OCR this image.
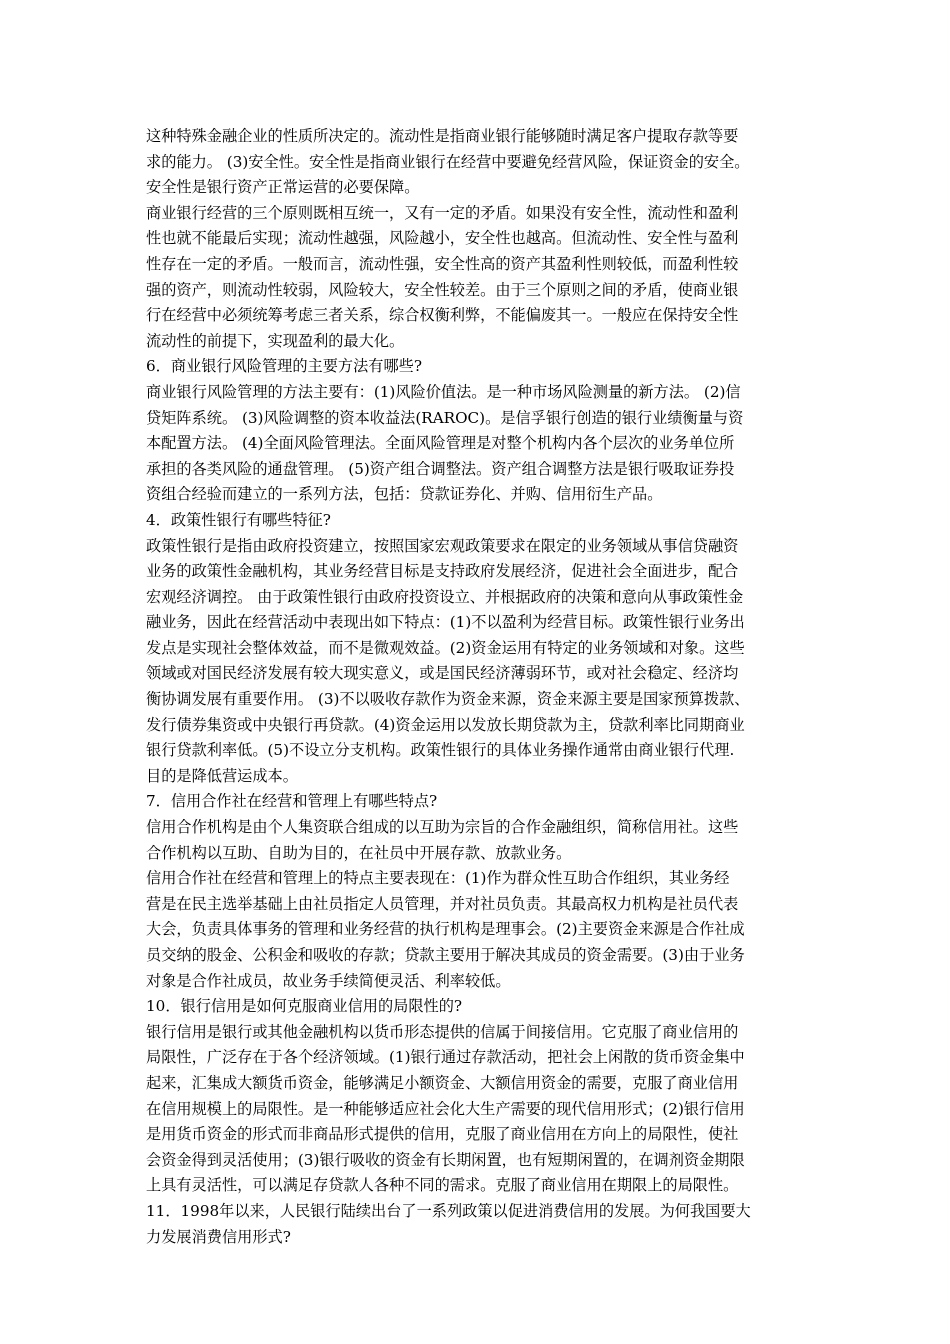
这种特殊金融企业的性质所决定的。流动性是指商业银行能够随时满足客户提取存款等要
求的能力。 (3)安全性。安全性是指商业银行在经营中要避免经营风险，保证资金的安全。
安全性是银行资产正常运营的必要保障。
商业银行经营的三个原则既相互统一，又有一定的矛盾。如果没有安全性，流动性和盈利
性也就不能最后实现；流动性越强，风险越小，安全性也越高。但流动性、安全性与盈利
性存在一定的矛盾。一般而言，流动性强，安全性高的资产其盈利性则较低，而盈利性较
强的资产，则流动性较弱，风险较大，安全性较差。由于三个原则之间的矛盾，使商业银
行在经营中必须统筹考虑三者关系，综合权衡利弊，不能偏废其一。一般应在保持安全性
流动性的前提下，实现盈利的最大化。
6．商业银行风险管理的主要方法有哪些?
商业银行风险管理的方法主要有：(1)风险价值法。是一种市场风险测量的新方法。 (2)信
贷矩阵系统。 (3)风险调整的资本收益法(RAROC)。是信孚银行创造的银行业绩衡量与资
本配置方法。 (4)全面风险管理法。全面风险管理是对整个机构内各个层次的业务单位所
承担的各类风险的通盘管理。 (5)资产组合调整法。资产组合调整方法是银行吸取证券投
资组合经验而建立的一系列方法，包括：贷款证券化、并购、信用衍生产品。
4．政策性银行有哪些特征?
政策性银行是指由政府投资建立，按照国家宏观政策要求在限定的业务领域从事信贷融资
业务的政策性金融机构，其业务经营目标是支持政府发展经济，促进社会全面进步，配合
宏观经济调控。 由于政策性银行由政府投资设立、并根据政府的决策和意向从事政策性金
融业务，因此在经营活动中表现出如下特点：(1)不以盈利为经营目标。政策性银行业务出
发点是实现社会整体效益，而不是微观效益。(2)资金运用有特定的业务领域和对象。这些
领域或对国民经济发展有较大现实意义，或是国民经济薄弱环节，或对社会稳定、经济均
衡协调发展有重要作用。 (3)不以吸收存款作为资金来源，资金来源主要是国家预算拨款、
发行债券集资或中央银行再贷款。(4)资金运用以发放长期贷款为主，贷款利率比同期商业
银行贷款利率低。(5)不设立分支机构。政策性银行的具体业务操作通常由商业银行代理.
目的是降低营运成本。
7．信用合作社在经营和管理上有哪些特点?
信用合作机构是由个人集资联合组成的以互助为宗旨的合作金融组织，简称信用社。这些
合作机构以互助、自助为目的，在社员中开展存款、放款业务。
信用合作社在经营和管理上的特点主要表现在：(1)作为群众性互助合作组织，其业务经
营是在民主选举基础上由社员指定人员管理，并对社员负责。其最高权力机构是社员代表
大会，负责具体事务的管理和业务经营的执行机构是理事会。(2)主要资金来源是合作社成
员交纳的股金、公积金和吸收的存款；贷款主要用于解决其成员的资金需要。(3)由于业务
对象是合作社成员，故业务手续简便灵活、利率较低。
10．银行信用是如何克服商业信用的局限性的?
银行信用是银行或其他金融机构以货币形态提供的信属于间接信用。它克服了商业信用的
局限性，广泛存在于各个经济领域。(1)银行通过存款活动，把社会上闲散的货币资金集中
起来，汇集成大额货币资金，能够满足小额资金、大额信用资金的需要，克服了商业信用
在信用规模上的局限性。是一种能够适应社会化大生产需要的现代信用形式；(2)银行信用
是用货币资金的形式而非商品形式提供的信用，克服了商业信用在方向上的局限性，使社
会资金得到灵活使用；(3)银行吸收的资金有长期闲置，也有短期闲置的，在调剂资金期限
上具有灵活性，可以满足存贷款人各种不同的需求。克服了商业信用在期限上的局限性。
11．1998年以来，人民银行陆续出台了一系列政策以促进消费信用的发展。为何我国要大
力发展消费信用形式?
